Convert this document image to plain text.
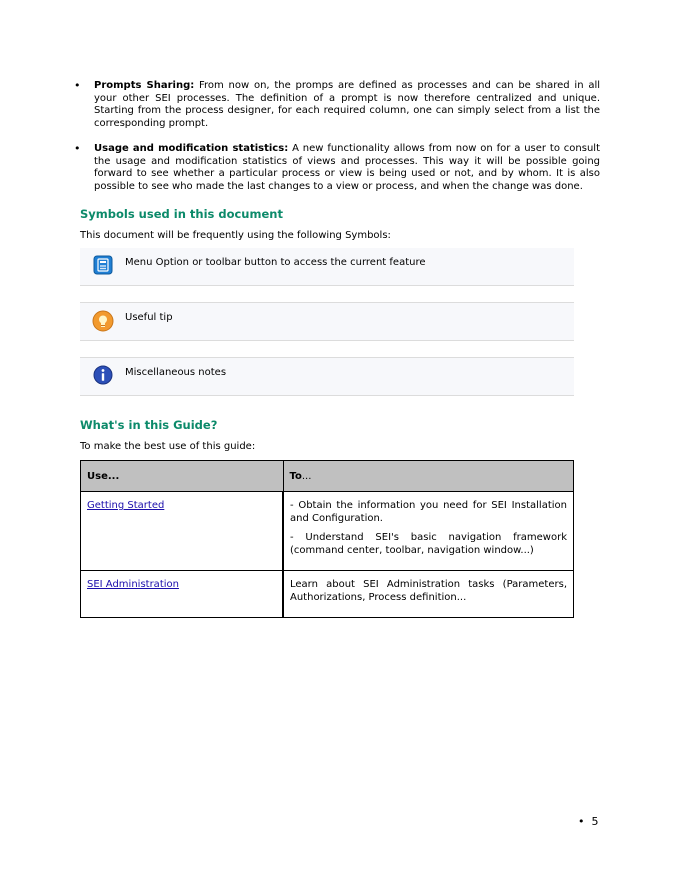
•	Prompts Sharing: From now on, the promps are defined as processes and can be shared in all your other SEI processes. The definition of a prompt is now therefore centralized and unique. Starting from the process designer, for each required column, one can simply select from a list the corresponding prompt.
•	Usage and modification statistics: A new functionality allows from now on for a user to consult the usage and modification statistics of views and processes. This way it will be possible going forward to see whether a particular process or view is being used or not, and by whom. It is also possible to see who made the last changes to a view or process, and when the change was done.
Symbols used in this document

This document will be frequently using the following Symbols:

Menu Option or toolbar button to access the current feature
Useful tip
Miscellaneous notes
What's in this Guide?

To make the best use of this guide:

Use...	To...
Getting Started	- Obtain the information you need for SEI Installation and Configuration.

- Understand SEI's basic navigation framework (command center, toolbar, navigation window...)

SEI Administration	Learn about SEI Administration tasks (Parameters, Authorizations, Process definition...

• 5
